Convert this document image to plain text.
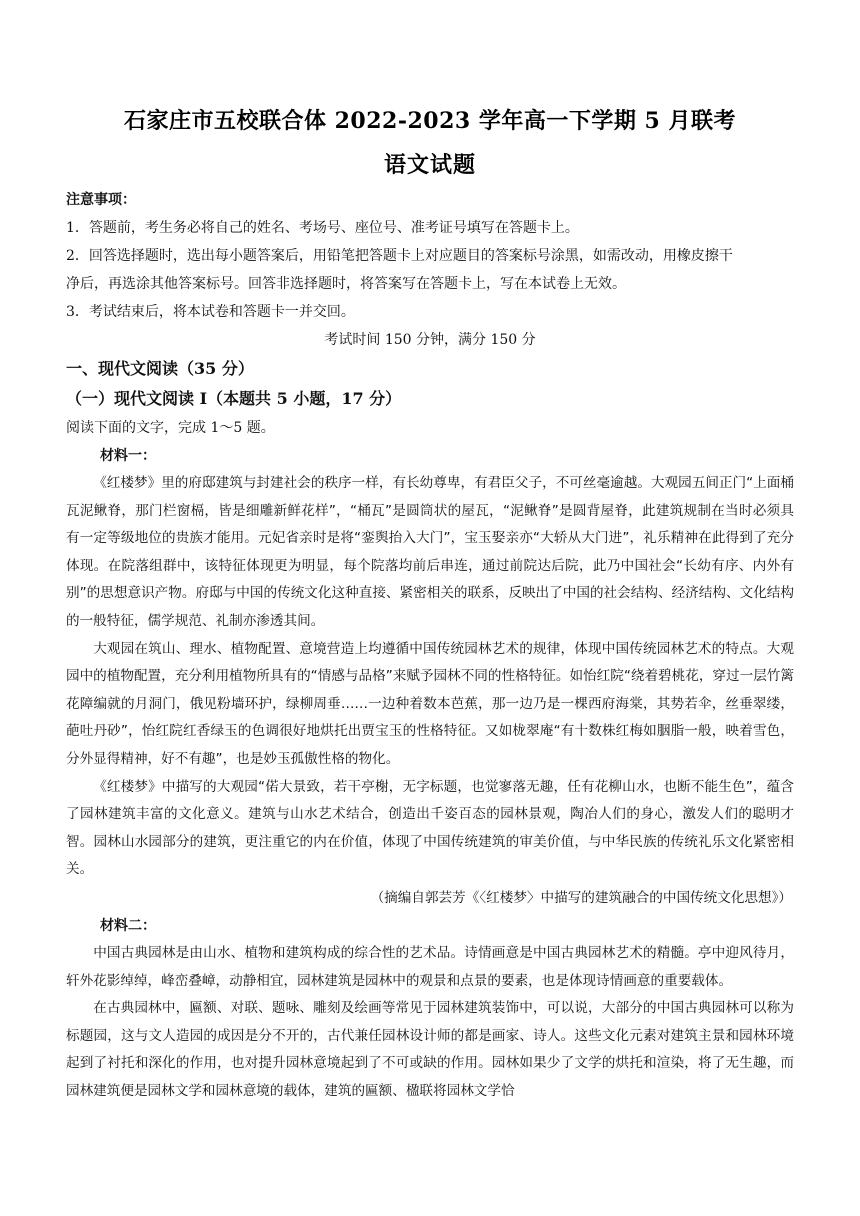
石家庄市五校联合体 2022-2023 学年高一下学期 5 月联考
语文试题
注意事项：
1．答题前，考生务必将自己的姓名、考场号、座位号、准考证号填写在答题卡上。
2．回答选择题时，选出每小题答案后，用铅笔把答题卡上对应题目的答案标号涂黑，如需改动，用橡皮擦干
净后，再选涂其他答案标号。回答非选择题时，将答案写在答题卡上，写在本试卷上无效。
3．考试结束后，将本试卷和答题卡一并交回。
考试时间 150 分钟，满分 150 分
一、现代文阅读（35 分）
（一）现代文阅读 I（本题共 5 小题，17 分）
阅读下面的文字，完成 1～5 题。
材料一：

《红楼梦》里的府邸建筑与封建社会的秩序一样，有长幼尊卑，有君臣父子，不可丝毫逾越。大观园五间正门“上面桶瓦泥鳅脊，那门栏窗槅，皆是细雕新鲜花样”，“桶瓦”是圆筒状的屋瓦，“泥鳅脊”是圆背屋脊，此建筑规制在当时必须具有一定等级地位的贵族才能用。元妃省亲时是将“銮舆抬入大门”，宝玉娶亲亦“大轿从大门进”，礼乐精神在此得到了充分体现。在院落组群中，该特征体现更为明显，每个院落均前后串连，通过前院达后院，此乃中国社会“长幼有序、内外有别”的思想意识产物。府邸与中国的传统文化这种直接、紧密相关的联系，反映出了中国的社会结构、经济结构、文化结构的一般特征，儒学规范、礼制亦渗透其间。

大观园在筑山、理水、植物配置、意境营造上均遵循中国传统园林艺术的规律，体现中国传统园林艺术的特点。大观园中的植物配置，充分利用植物所具有的“情感与品格”来赋予园林不同的性格特征。如怡红院“绕着碧桃花，穿过一层竹篱花障编就的月洞门，俄见粉墙环护，绿柳周垂……一边种着数本芭蕉，那一边乃是一棵西府海棠，其势若伞，丝垂翠缕，葩吐丹砂”，怡红院红香绿玉的色调很好地烘托出贾宝玉的性格特征。又如栊翠庵“有十数株红梅如胭脂一般，映着雪色，分外显得精神，好不有趣”，也是妙玉孤傲性格的物化。

《红楼梦》中描写的大观园“偌大景致，若干亭榭，无字标题，也觉寥落无趣，任有花柳山水，也断不能生色”，蕴含了园林建筑丰富的文化意义。建筑与山水艺术结合，创造出千姿百态的园林景观，陶冶人们的身心，激发人们的聪明才智。园林山水园部分的建筑，更注重它的内在价值，体现了中国传统建筑的审美价值，与中华民族的传统礼乐文化紧密相关。

（摘编自郭芸芳《〈红楼梦〉中描写的建筑融合的中国传统文化思想》）
材料二：

中国古典园林是由山水、植物和建筑构成的综合性的艺术品。诗情画意是中国古典园林艺术的精髓。亭中迎风待月，轩外花影绰绰，峰峦叠嶂，动静相宜，园林建筑是园林中的观景和点景的要素，也是体现诗情画意的重要载体。

在古典园林中，匾额、对联、题咏、雕刻及绘画等常见于园林建筑装饰中，可以说，大部分的中国古典园林可以称为标题园，这与文人造园的成因是分不开的，古代兼任园林设计师的都是画家、诗人。这些文化元素对建筑主景和园林环境起到了衬托和深化的作用，也对提升园林意境起到了不可或缺的作用。园林如果少了文学的烘托和渲染，将了无生趣，而园林建筑便是园林文学和园林意境的载体，建筑的匾额、楹联将园林文学恰
